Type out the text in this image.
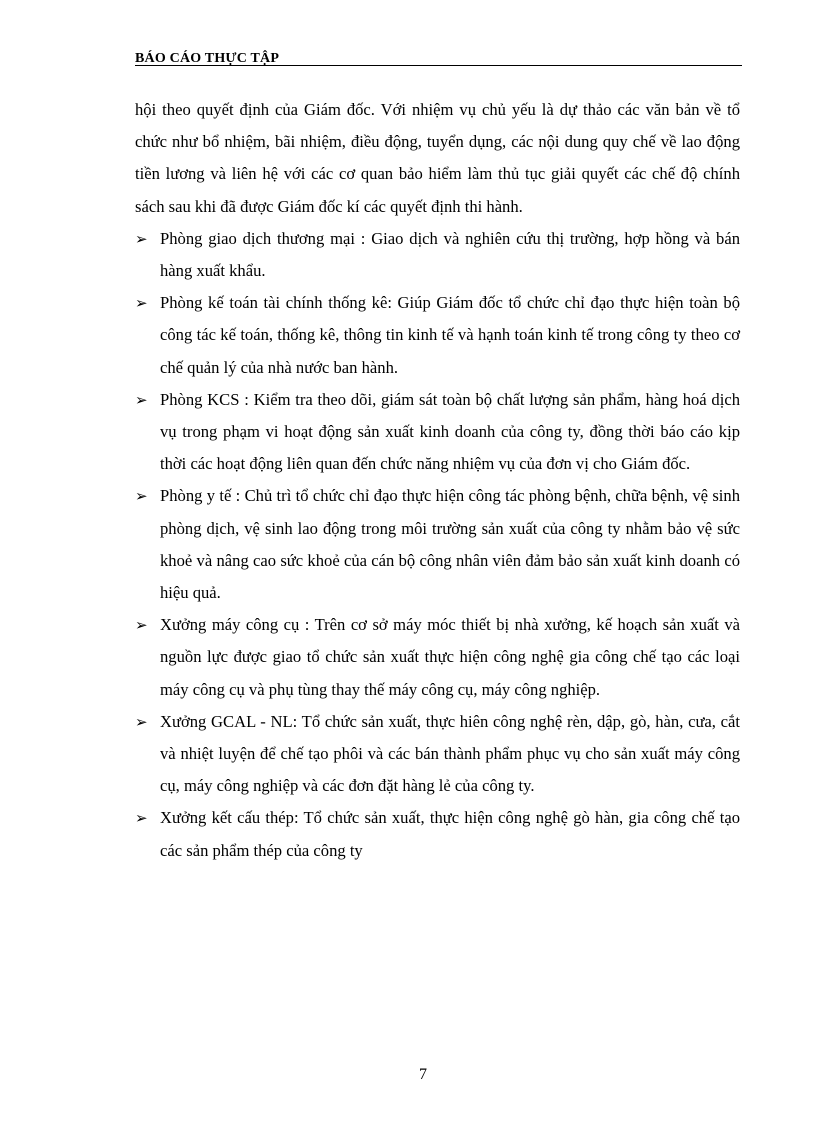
BÁO CÁO THỰC TẬP

hội theo quyết định của Giám đốc. Với nhiệm vụ chủ yếu là dự thảo các văn bản về tổ chức như bổ nhiệm, bãi nhiệm, điều động, tuyển dụng, các nội dung quy chế về lao động tiền lương và liên hệ với các cơ quan bảo hiểm làm thủ tục giải quyết các chế độ chính sách sau khi đã được Giám đốc kí các quyết định thi hành.

➢ Phòng giao dịch thương mại : Giao dịch và nghiên cứu thị trường, hợp hồng và bán hàng xuất khẩu.
➢ Phòng kế toán tài chính thống kê: Giúp Giám đốc tổ chức chỉ đạo thực hiện toàn bộ công tác kế toán, thống kê, thông tin kinh tế và hạnh toán kinh tế trong công ty theo cơ chế quản lý của nhà nước ban hành.
➢ Phòng KCS : Kiểm tra theo dõi, giám sát toàn bộ chất lượng sản phẩm, hàng hoá dịch vụ trong phạm vi hoạt động sản xuất kinh doanh của công ty, đồng thời báo cáo kịp thời các hoạt động liên quan đến chức năng nhiệm vụ của đơn vị cho Giám đốc.
➢ Phòng y tế : Chủ trì tổ chức chỉ đạo thực hiện công tác phòng bệnh, chữa bệnh, vệ sinh phòng dịch, vệ sinh lao động trong môi trường sản xuất của công ty nhằm bảo vệ sức khoẻ và nâng cao sức khoẻ của cán bộ công nhân viên đảm bảo sản xuất kinh doanh có hiệu quả.
➢ Xưởng máy công cụ : Trên cơ sở máy móc thiết bị nhà xưởng, kế hoạch sản xuất và nguồn lực được giao tổ chức sản xuất thực hiện công nghệ gia công chế tạo các loại máy công cụ và phụ tùng thay thế máy công cụ, máy công nghiệp.
➢ Xưởng GCAL - NL: Tổ chức sản xuất, thực hiên công nghệ rèn, dập, gò, hàn, cưa, cắt và nhiệt luyện để chế tạo phôi và các bán thành phẩm phục vụ cho sản xuất máy công cụ, máy công nghiệp và các đơn đặt hàng lẻ của công ty.
➢ Xưởng kết cấu thép: Tổ chức sản xuất, thực hiện công nghệ gò hàn, gia công chế tạo các sản phẩm thép của công ty
7
